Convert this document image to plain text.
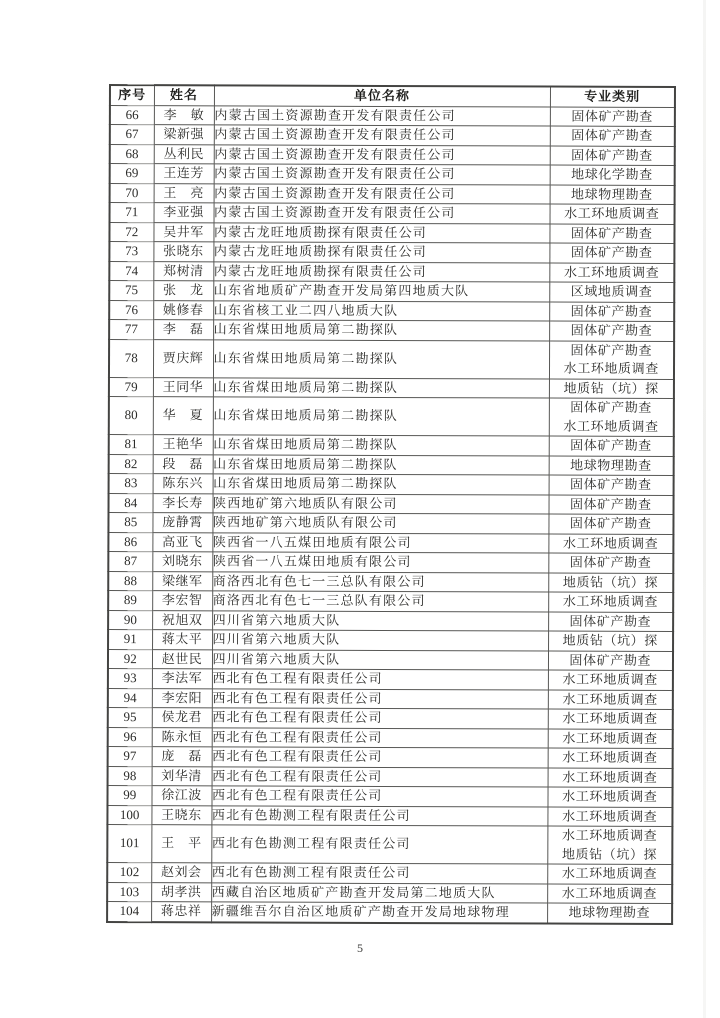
序号	姓名	单位名称	专业类别
66	李　敏	内蒙古国土资源勘查开发有限责任公司	固体矿产勘查
67	梁新强	内蒙古国土资源勘查开发有限责任公司	固体矿产勘查
68	丛利民	内蒙古国土资源勘查开发有限责任公司	固体矿产勘查
69	王连芳	内蒙古国土资源勘查开发有限责任公司	地球化学勘查
70	王　亮	内蒙古国土资源勘查开发有限责任公司	地球物理勘查
71	李亚强	内蒙古国土资源勘查开发有限责任公司	水工环地质调查
72	吴井军	内蒙古龙旺地质勘探有限责任公司	固体矿产勘查
73	张晓东	内蒙古龙旺地质勘探有限责任公司	固体矿产勘查
74	郑树清	内蒙古龙旺地质勘探有限责任公司	水工环地质调查
75	张　龙	山东省地质矿产勘查开发局第四地质大队	区域地质调查
76	姚修春	山东省核工业二四八地质大队	固体矿产勘查
77	李　磊	山东省煤田地质局第二勘探队	固体矿产勘查
78	贾庆辉	山东省煤田地质局第二勘探队	固体矿产勘查
水工环地质调查
79	王同华	山东省煤田地质局第二勘探队	地质钻（坑）探
80	华　夏	山东省煤田地质局第二勘探队	固体矿产勘查
水工环地质调查
81	王艳华	山东省煤田地质局第二勘探队	固体矿产勘查
82	段　磊	山东省煤田地质局第二勘探队	地球物理勘查
83	陈东兴	山东省煤田地质局第二勘探队	固体矿产勘查
84	李长寿	陕西地矿第六地质队有限公司	固体矿产勘查
85	庞静霄	陕西地矿第六地质队有限公司	固体矿产勘查
86	高亚飞	陕西省一八五煤田地质有限公司	水工环地质调查
87	刘晓东	陕西省一八五煤田地质有限公司	固体矿产勘查
88	梁继军	商洛西北有色七一三总队有限公司	地质钻（坑）探
89	李宏智	商洛西北有色七一三总队有限公司	水工环地质调查
90	祝旭双	四川省第六地质大队	固体矿产勘查
91	蒋太平	四川省第六地质大队	地质钻（坑）探
92	赵世民	四川省第六地质大队	固体矿产勘查
93	李法军	西北有色工程有限责任公司	水工环地质调查
94	李宏阳	西北有色工程有限责任公司	水工环地质调查
95	侯龙君	西北有色工程有限责任公司	水工环地质调查
96	陈永恒	西北有色工程有限责任公司	水工环地质调查
97	庞　磊	西北有色工程有限责任公司	水工环地质调查
98	刘华清	西北有色工程有限责任公司	水工环地质调查
99	徐江波	西北有色工程有限责任公司	水工环地质调查
100	王晓东	西北有色勘测工程有限责任公司	水工环地质调查
101	王　平	西北有色勘测工程有限责任公司	水工环地质调查
地质钻（坑）探
102	赵刘会	西北有色勘测工程有限责任公司	水工环地质调查
103	胡孝洪	西藏自治区地质矿产勘查开发局第二地质大队	水工环地质调查
104	蒋忠祥	新疆维吾尔自治区地质矿产勘查开发局地球物理	地球物理勘查
5
